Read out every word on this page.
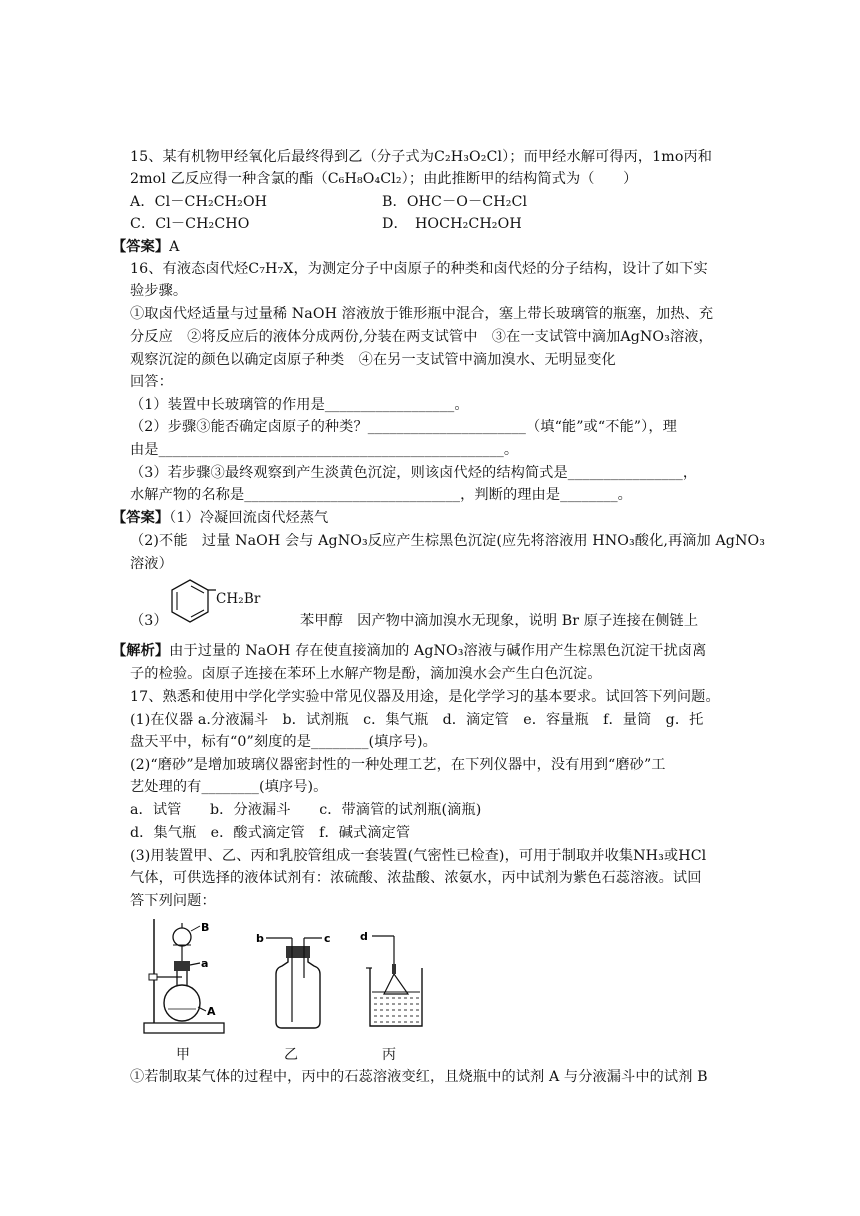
15、某有机物甲经氧化后最终得到乙（分子式为C₂H₃O₂Cl）；而甲经水解可得丙，1mo丙和
2mol 乙反应得一种含氯的酯（C₆H₈O₄Cl₂）；由此推断甲的结构简式为（　　）
A．Cl－CH₂CH₂OH	B．OHC－O－CH₂Cl
C．Cl－CH₂CHO	D．　HOCH₂CH₂OH
【答案】A
16、有液态卤代烃C₇H₇X，为测定分子中卤原子的种类和卤代烃的分子结构，设计了如下实
验步骤。
①取卤代烃适量与过量稀 NaOH 溶液放于锥形瓶中混合，塞上带长玻璃管的瓶塞，加热、充
分反应　②将反应后的液体分成两份,分装在两支试管中　③在一支试管中滴加AgNO₃溶液，
观察沉淀的颜色以确定卤原子种类　④在另一支试管中滴加溴水、无明显变化
回答：
（1）装置中长玻璃管的作用是__________________。
（2）步骤③能否确定卤原子的种类？______________________（填“能”或“不能”），理
由是________________________________________________。
（3）若步骤③最终观察到产生淡黄色沉淀，则该卤代烃的结构简式是________________，
水解产物的名称是______________________________，判断的理由是________。
【答案】（1）冷凝回流卤代烃蒸气
（2)不能　过量 NaOH 会与 AgNO₃反应产生棕黑色沉淀(应先将溶液用 HNO₃酸化,再滴加 AgNO₃
溶液）
CH₂Br
（3）	苯甲醇　因产物中滴加溴水无现象，说明 Br 原子连接在侧链上
【解析】由于过量的 NaOH 存在使直接滴加的 AgNO₃溶液与碱作用产生棕黑色沉淀干扰卤离
子的检验。卤原子连接在苯环上水解产物是酚，滴加溴水会产生白色沉淀。
17、熟悉和使用中学化学实验中常见仪器及用途，是化学学习的基本要求。试回答下列问题。
(1)在仪器 a.分液漏斗　b．试剂瓶　c．集气瓶　d．滴定管　e．容量瓶　f．量筒　g．托
盘天平中，标有“0”刻度的是________(填序号)。
(2)“磨砂”是增加玻璃仪器密封性的一种处理工艺，在下列仪器中，没有用到“磨砂”工
艺处理的有________(填序号)。
a．试管　　b．分液漏斗　　c．带滴管的试剂瓶(滴瓶)
d．集气瓶　e．酸式滴定管　f．碱式滴定管
(3)用装置甲、乙、丙和乳胶管组成一套装置(气密性已检查)，可用于制取并收集NH₃或HCl
气体，可供选择的液体试剂有：浓硫酸、浓盐酸、浓氨水，丙中试剂为紫色石蕊溶液。试回
答下列问题：
B
a
A
b	c	d
甲	乙	丙
①若制取某气体的过程中，丙中的石蕊溶液变红，且烧瓶中的试剂 A 与分液漏斗中的试剂 B
